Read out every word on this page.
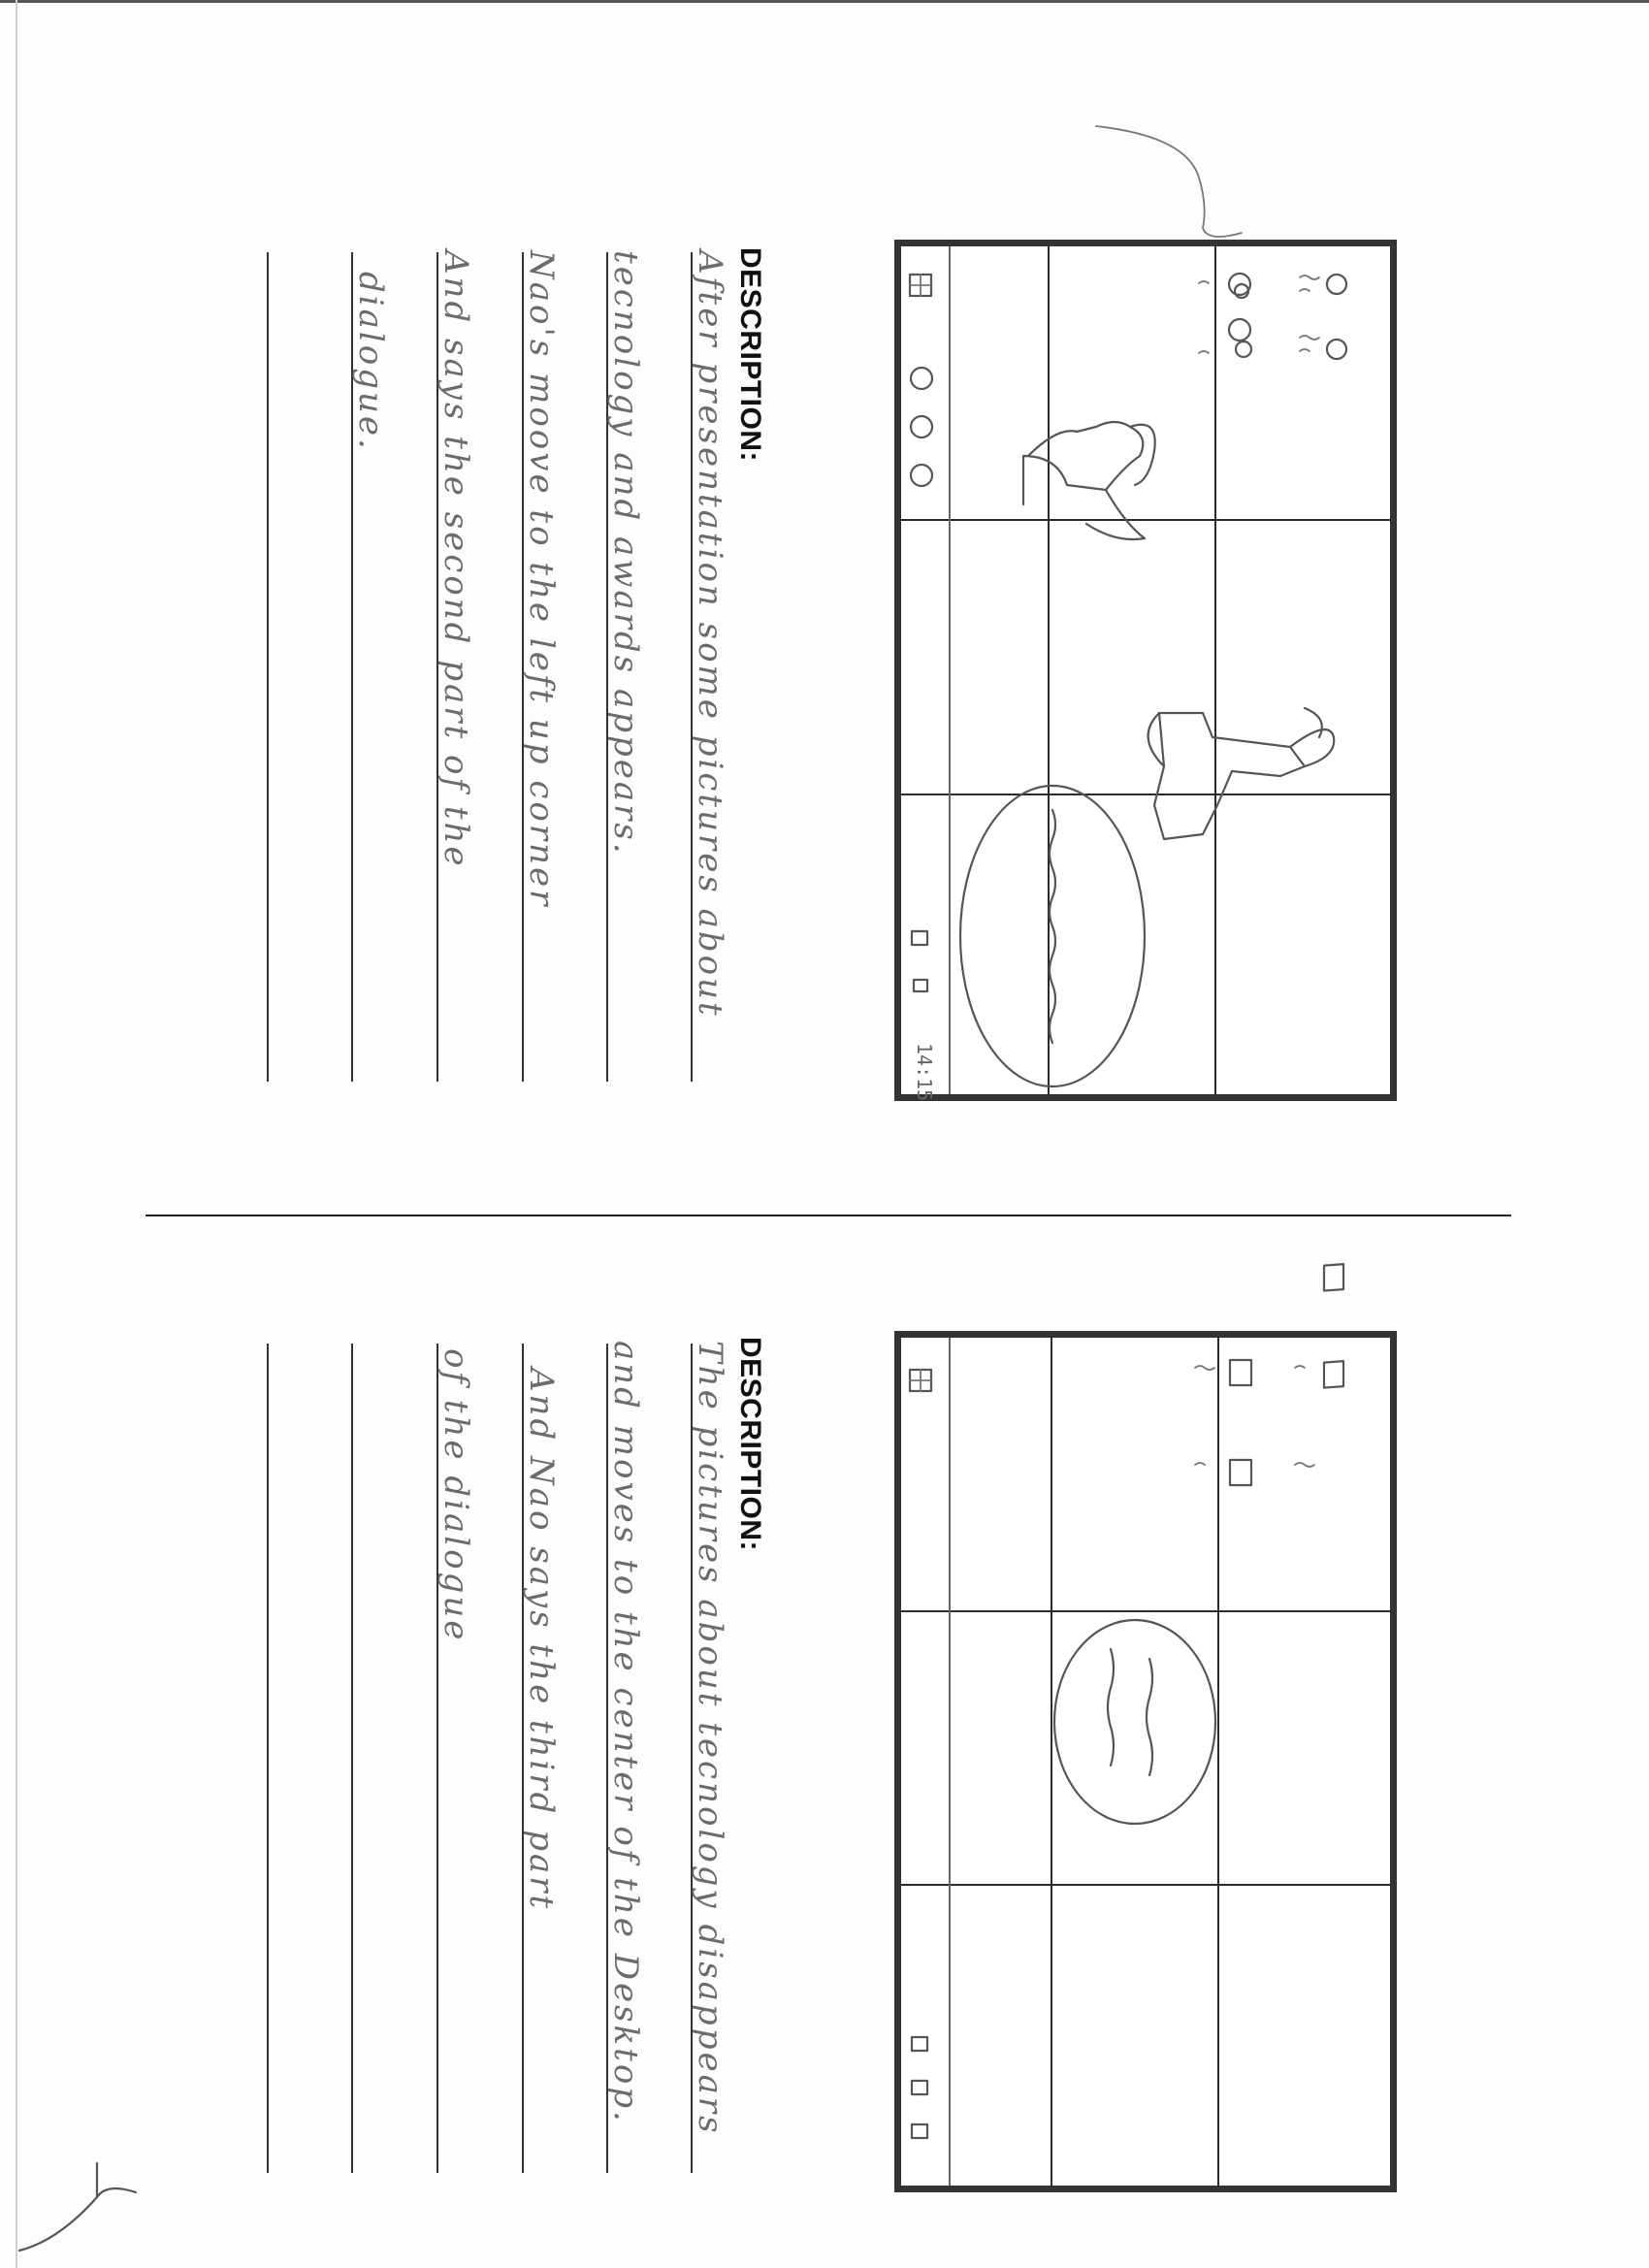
14:15
DESCRIPTION:
After presentation some pictures about
tecnology and awards appears.
Nao's moove to the left up corner
And says the second part of the
dialogue.
DESCRIPTION:
The pictures about tecnology disappears
and moves to the center of the Desktop.
And Nao says the third part
of the dialogue
